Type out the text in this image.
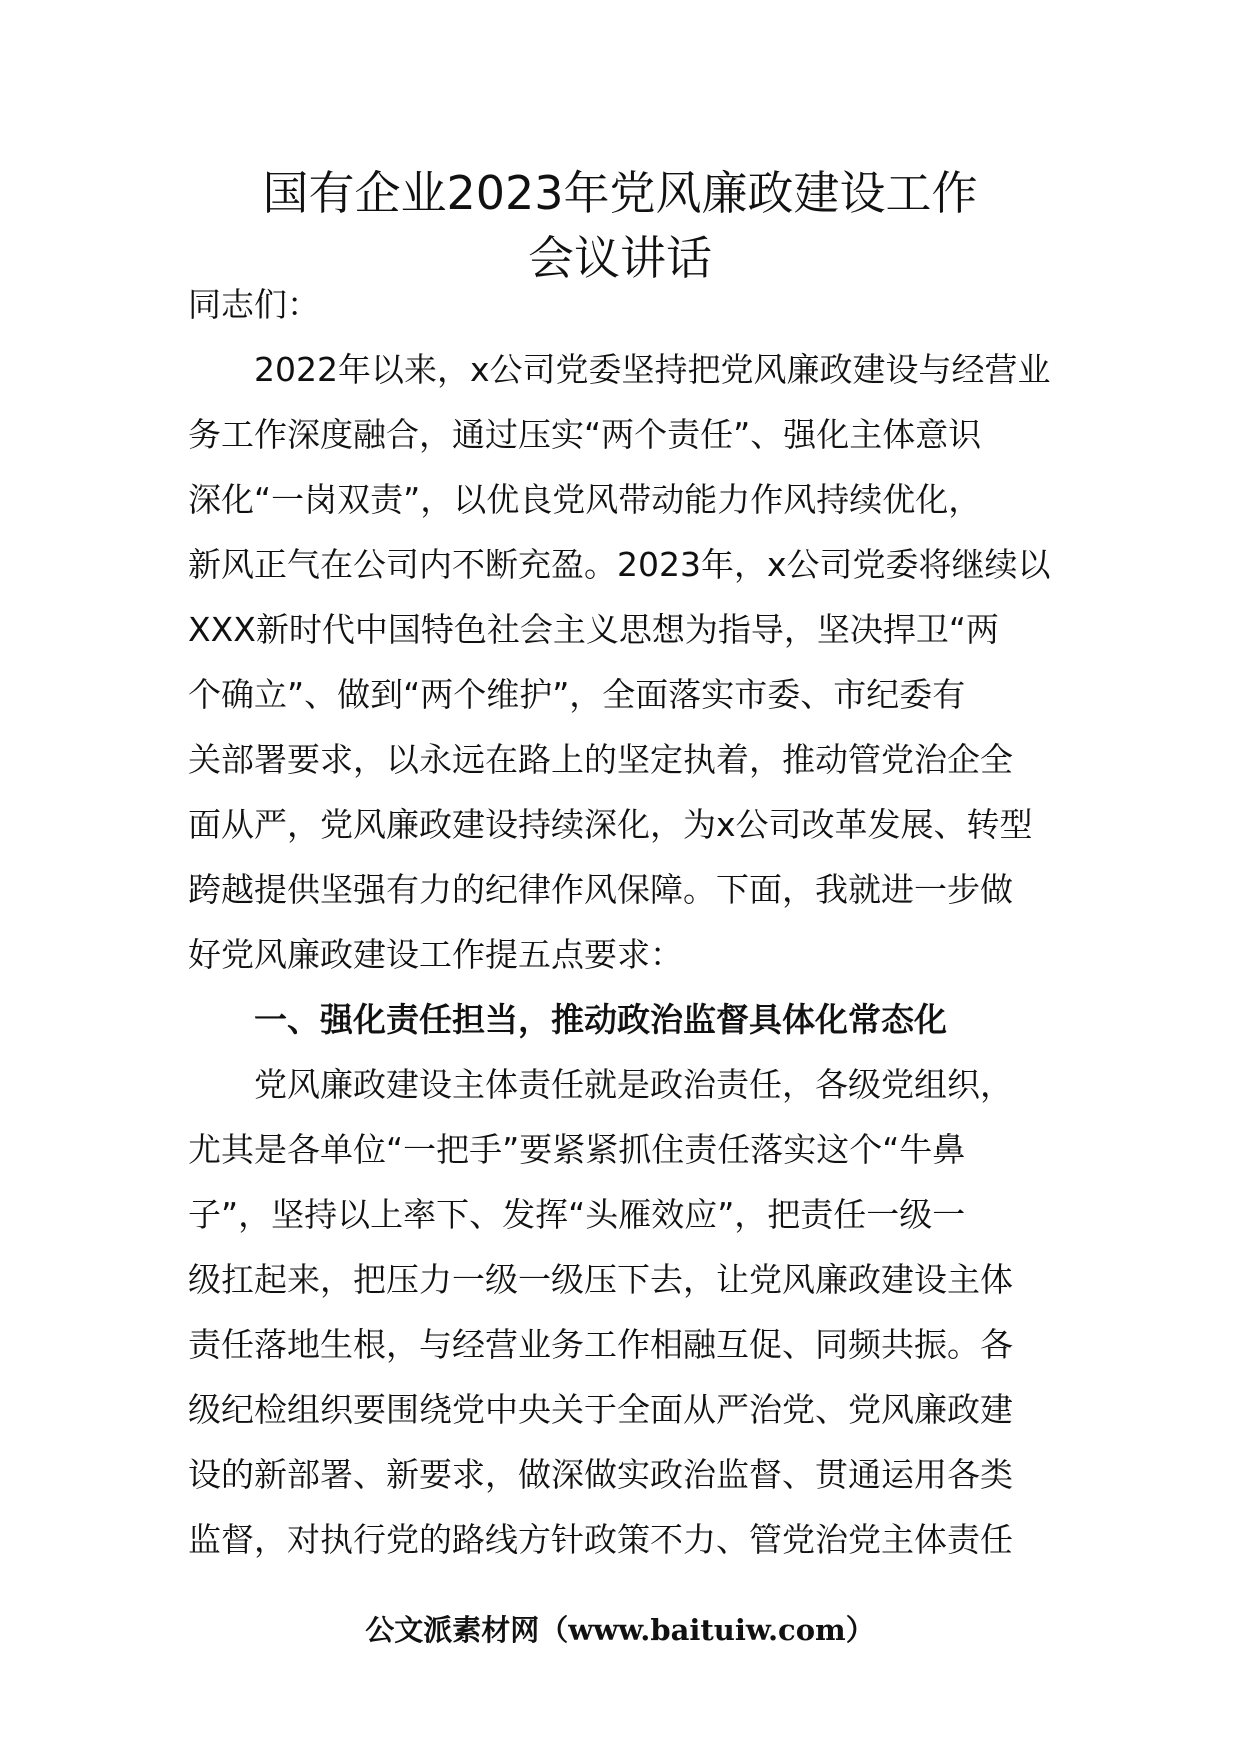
国有企业2023年党风廉政建设工作
会议讲话
同志们：
2022年以来，x公司党委坚持把党风廉政建设与经营业
务工作深度融合，通过压实“两个责任”、强化主体意识
深化“一岗双责”，以优良党风带动能力作风持续优化，
新风正气在公司内不断充盈。2023年，x公司党委将继续以
XXX新时代中国特色社会主义思想为指导，坚决捍卫“两
个确立”、做到“两个维护”，全面落实市委、市纪委有
关部署要求，以永远在路上的坚定执着，推动管党治企全
面从严，党风廉政建设持续深化，为x公司改革发展、转型
跨越提供坚强有力的纪律作风保障。下面，我就进一步做
好党风廉政建设工作提五点要求：
一、强化责任担当，推动政治监督具体化常态化
党风廉政建设主体责任就是政治责任，各级党组织，
尤其是各单位“一把手”要紧紧抓住责任落实这个“牛鼻
子”，坚持以上率下、发挥“头雁效应”，把责任一级一
级扛起来，把压力一级一级压下去，让党风廉政建设主体
责任落地生根，与经营业务工作相融互促、同频共振。各
级纪检组织要围绕党中央关于全面从严治党、党风廉政建
设的新部署、新要求，做深做实政治监督、贯通运用各类
监督，对执行党的路线方针政策不力、管党治党主体责任
公文派素材网（www.baituiw.com）
